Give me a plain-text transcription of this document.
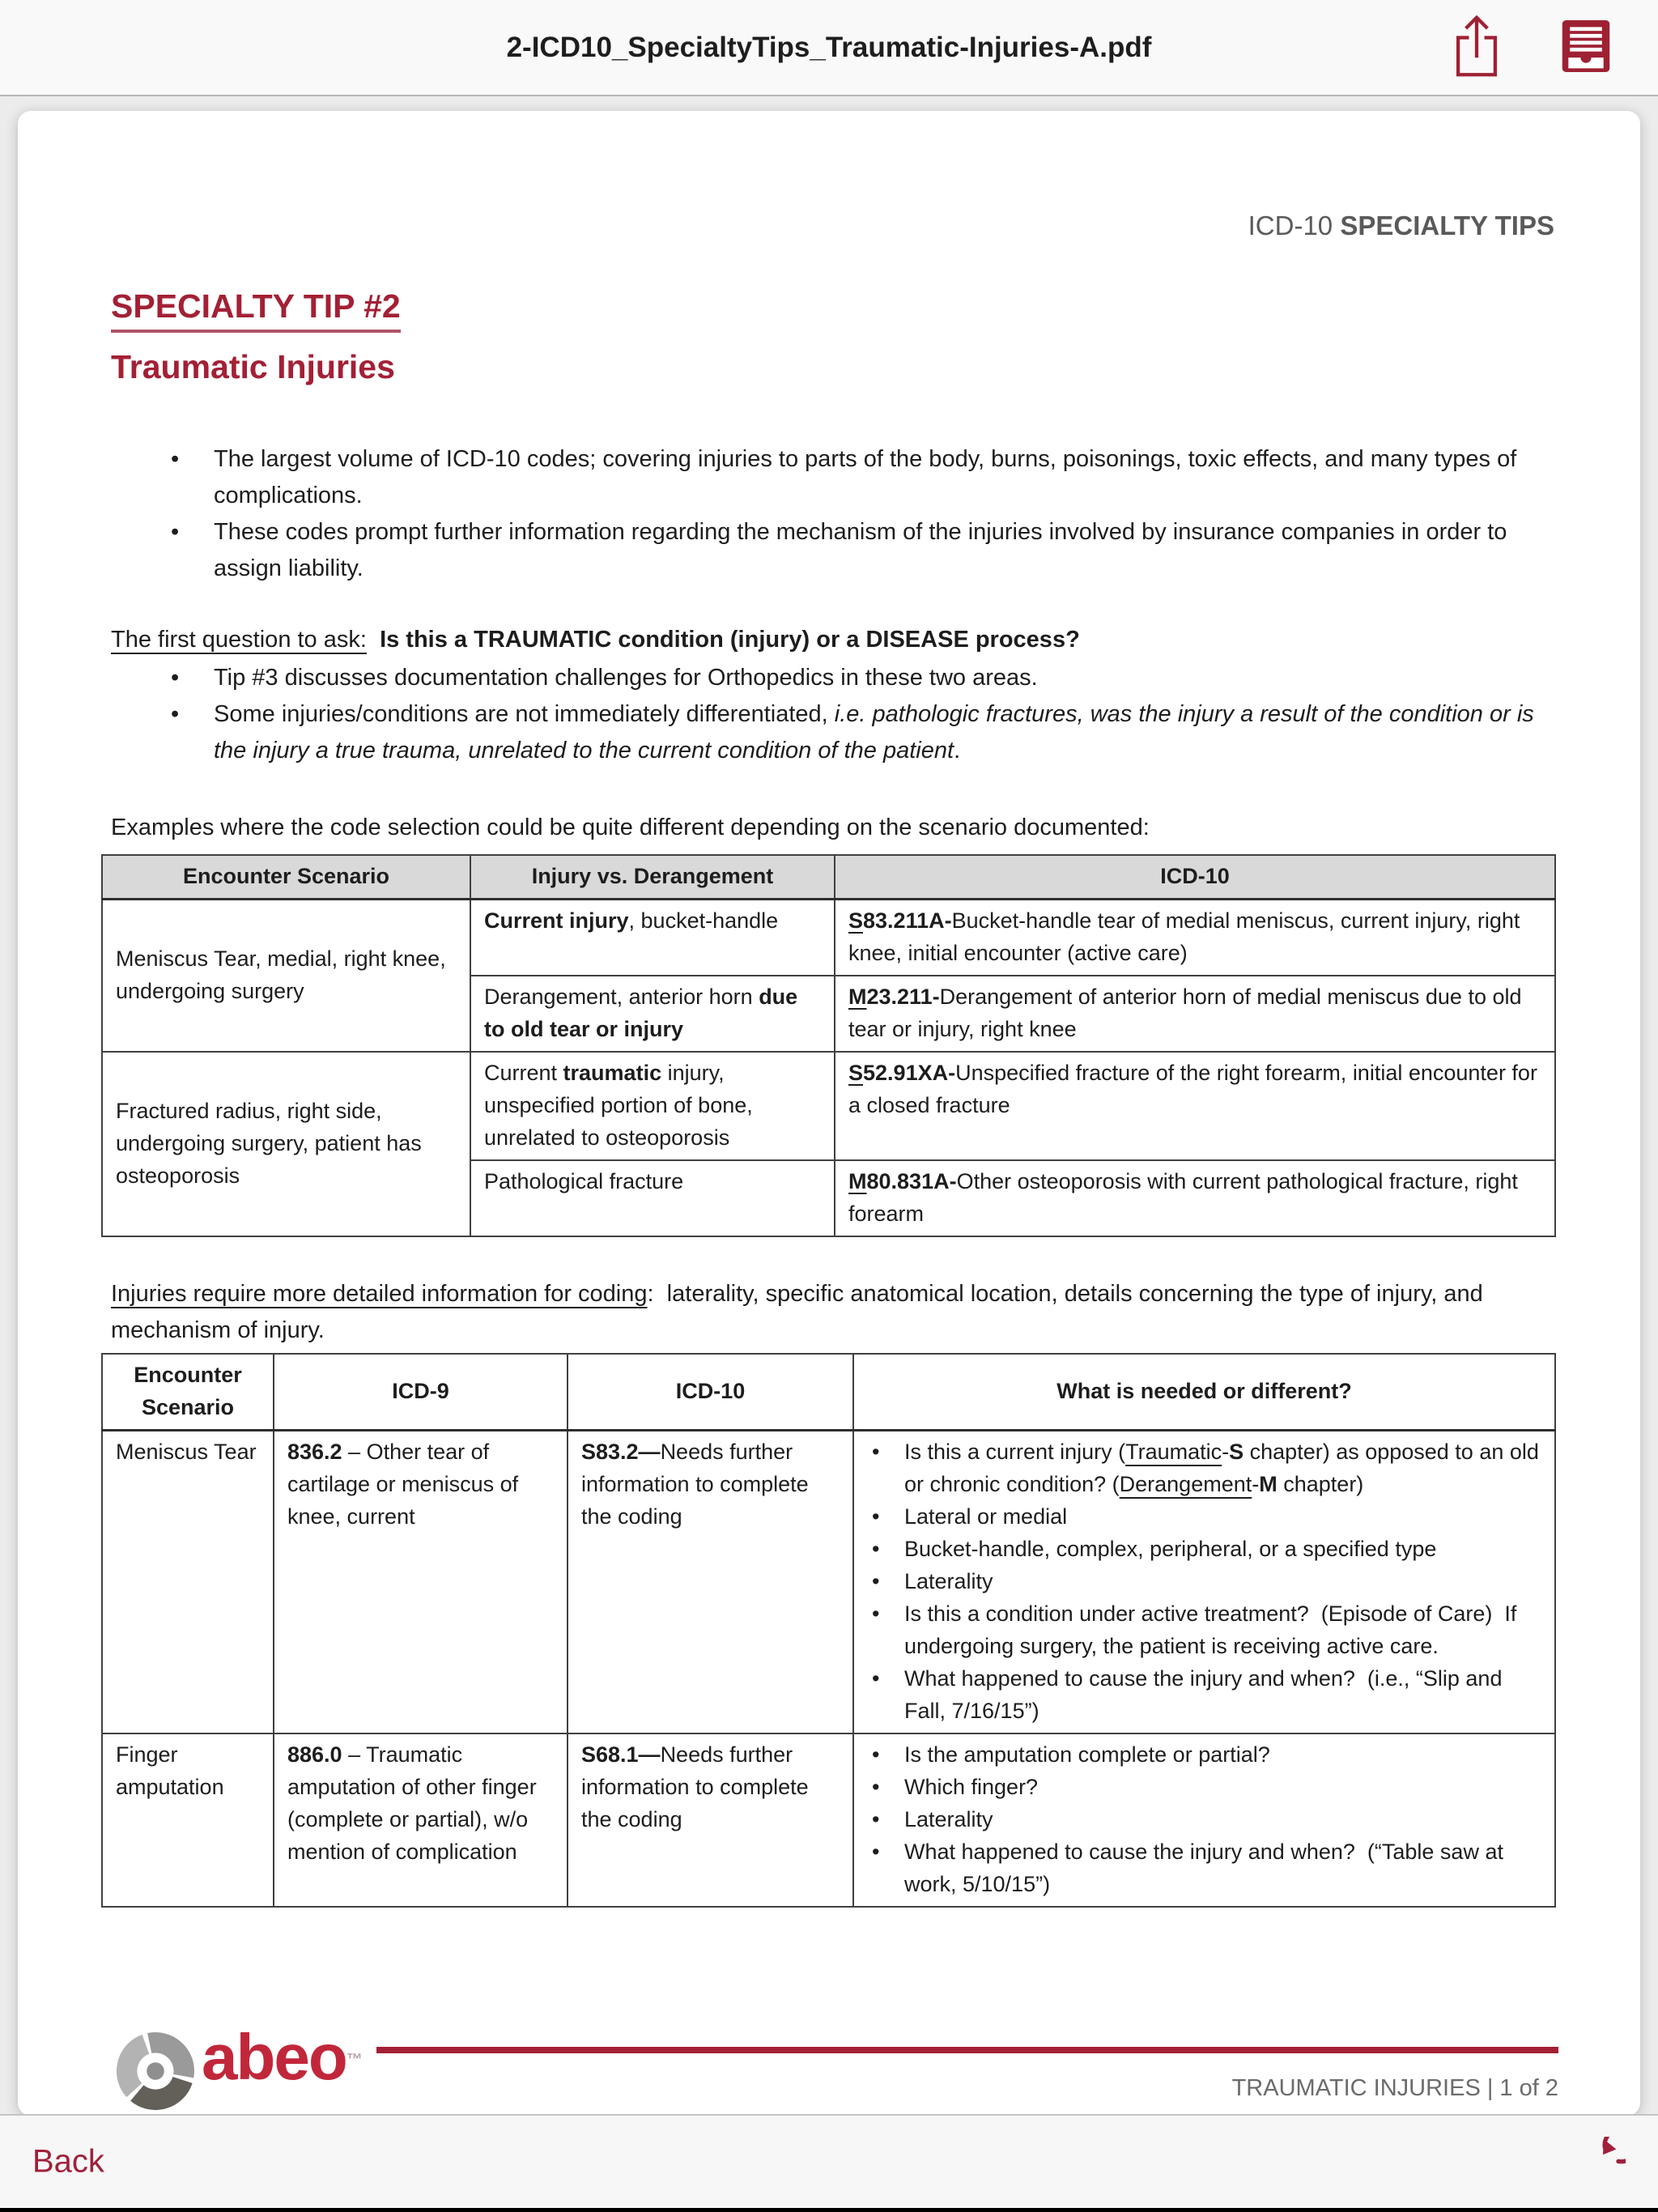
2-ICD10_SpecialtyTips_Traumatic-Injuries-A.pdf
ICD-10 SPECIALTY TIPS
SPECIALTY TIP #2
Traumatic Injuries
• The largest volume of ICD-10 codes; covering injuries to parts of the body, burns, poisonings, toxic effects, and many types of complications.
• These codes prompt further information regarding the mechanism of the injuries involved by insurance companies in order to assign liability.

The first question to ask: Is this a TRAUMATIC condition (injury) or a DISEASE process?

• Tip #3 discusses documentation challenges for Orthopedics in these two areas.
• Some injuries/conditions are not immediately differentiated, i.e. pathologic fractures, was the injury a result of the condition or is the injury a true trauma, unrelated to the current condition of the patient.

Examples where the code selection could be quite different depending on the scenario documented:

Encounter Scenario	Injury vs. Derangement	ICD-10
Meniscus Tear, medial, right knee, undergoing surgery	Current injury, bucket-handle	S83.211A-Bucket-handle tear of medial meniscus, current injury, right knee, initial encounter (active care)
	Derangement, anterior horn due to old tear or injury	M23.211-Derangement of anterior horn of medial meniscus due to old tear or injury, right knee
Fractured radius, right side, undergoing surgery, patient has osteoporosis	Current traumatic injury, unspecified portion of bone, unrelated to osteoporosis	S52.91XA-Unspecified fracture of the right forearm, initial encounter for a closed fracture
	Pathological fracture	M80.831A-Other osteoporosis with current pathological fracture, right forearm

Injuries require more detailed information for coding:  laterality, specific anatomical location, details concerning the type of injury, and mechanism of injury.

Encounter Scenario	ICD-9	ICD-10	What is needed or different?
Meniscus Tear	836.2 – Other tear of cartilage or meniscus of knee, current	S83.2—Needs further information to complete the coding	
• Is this a current injury (Traumatic-S chapter) as opposed to an old or chronic condition? (Derangement-M chapter)
• Lateral or medial
• Bucket-handle, complex, peripheral, or a specified type
• Laterality
• Is this a condition under active treatment?  (Episode of Care)  If undergoing surgery, the patient is receiving active care.
• What happened to cause the injury and when?  (i.e., “Slip and Fall, 7/16/15”)

Finger amputation	886.0 – Traumatic amputation of other finger (complete or partial), w/o mention of complication	S68.1—Needs further information to complete the coding	
• Is the amputation complete or partial?
• Which finger?
• Laterality
• What happened to cause the injury and when?  (“Table saw at work, 5/10/15”)
abeo™
TRAUMATIC INJURIES | 1 of 2
Back
